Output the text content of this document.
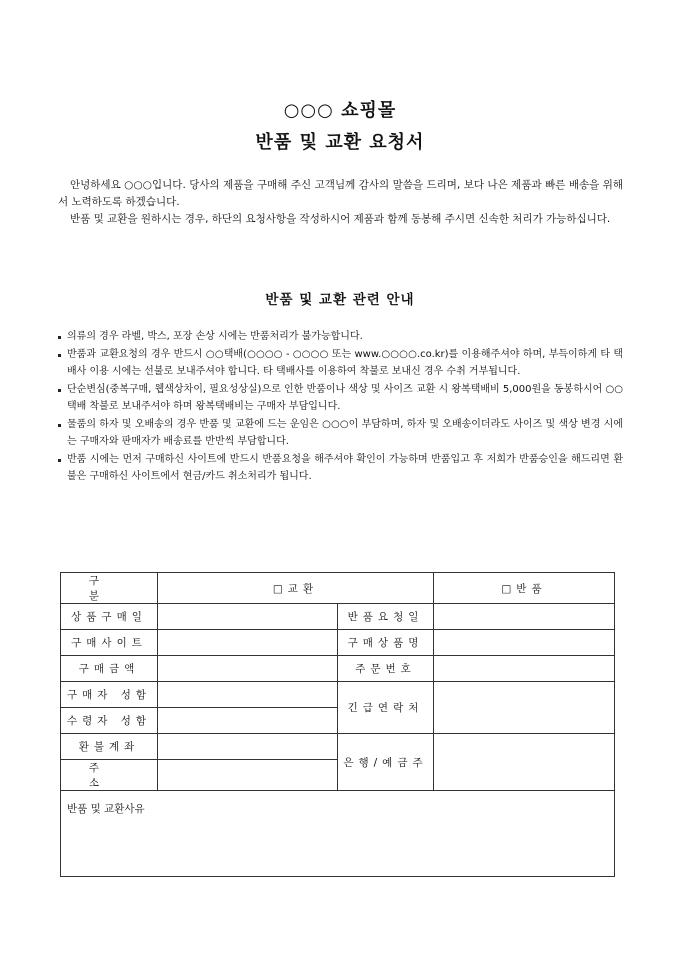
○○○ 쇼핑몰
반품 및 교환 요청서

안녕하세요 ○○○입니다. 당사의 제품을 구매해 주신 고객님께 감사의 말씀을 드리며, 보다 나은 제품과 빠른 배송을 위해서 노력하도록 하겠습니다.

반품 및 교환을 원하시는 경우, 하단의 요청사항을 작성하시어 제품과 함께 동봉해 주시면 신속한 처리가 가능하십니다.

반품 및 교환 관련 안내
의류의 경우 라벨, 박스, 포장 손상 시에는 반품처리가 불가능합니다.
반품과 교환요청의 경우 반드시 ○○택배(○○○○ - ○○○○ 또는 www.○○○○.co.kr)를 이용해주셔야 하며, 부득이하게 타 택배사 이용 시에는 선불로 보내주셔야 합니다. 타 택배사를 이용하여 착불로 보내신 경우 수취 거부됩니다.
단순변심(중복구매, 웹색상차이, 필요성상실)으로 인한 반품이나 색상 및 사이즈 교환 시 왕복택배비 5,000원을 동봉하시어 ○○택배 착불로 보내주셔야 하며 왕복택배비는 구매자 부담입니다.
물품의 하자 및 오배송의 경우 반품 및 교환에 드는 운임은 ○○○이 부담하며, 하자 및 오배송이더라도 사이즈 및 색상 변경 시에는 구매자와 판매자가 배송료를 반반씩 부담합니다.
반품 시에는 먼저 구매하신 사이트에 반드시 반품요청을 해주셔야 확인이 가능하며 반품입고 후 저희가 반품승인을 해드리면 환불은 구매하신 사이트에서 현금/카드 취소처리가 됩니다.
구 분	□교환		□반품
상품구매일		반품요청일	
구매사이트		구매상품명	
구매금액		주문번호	
구매자 성함		긴급연락처	
수령자 성함			
환불계좌		은행/예금주	
주 소			
반품 및 교환사유			
